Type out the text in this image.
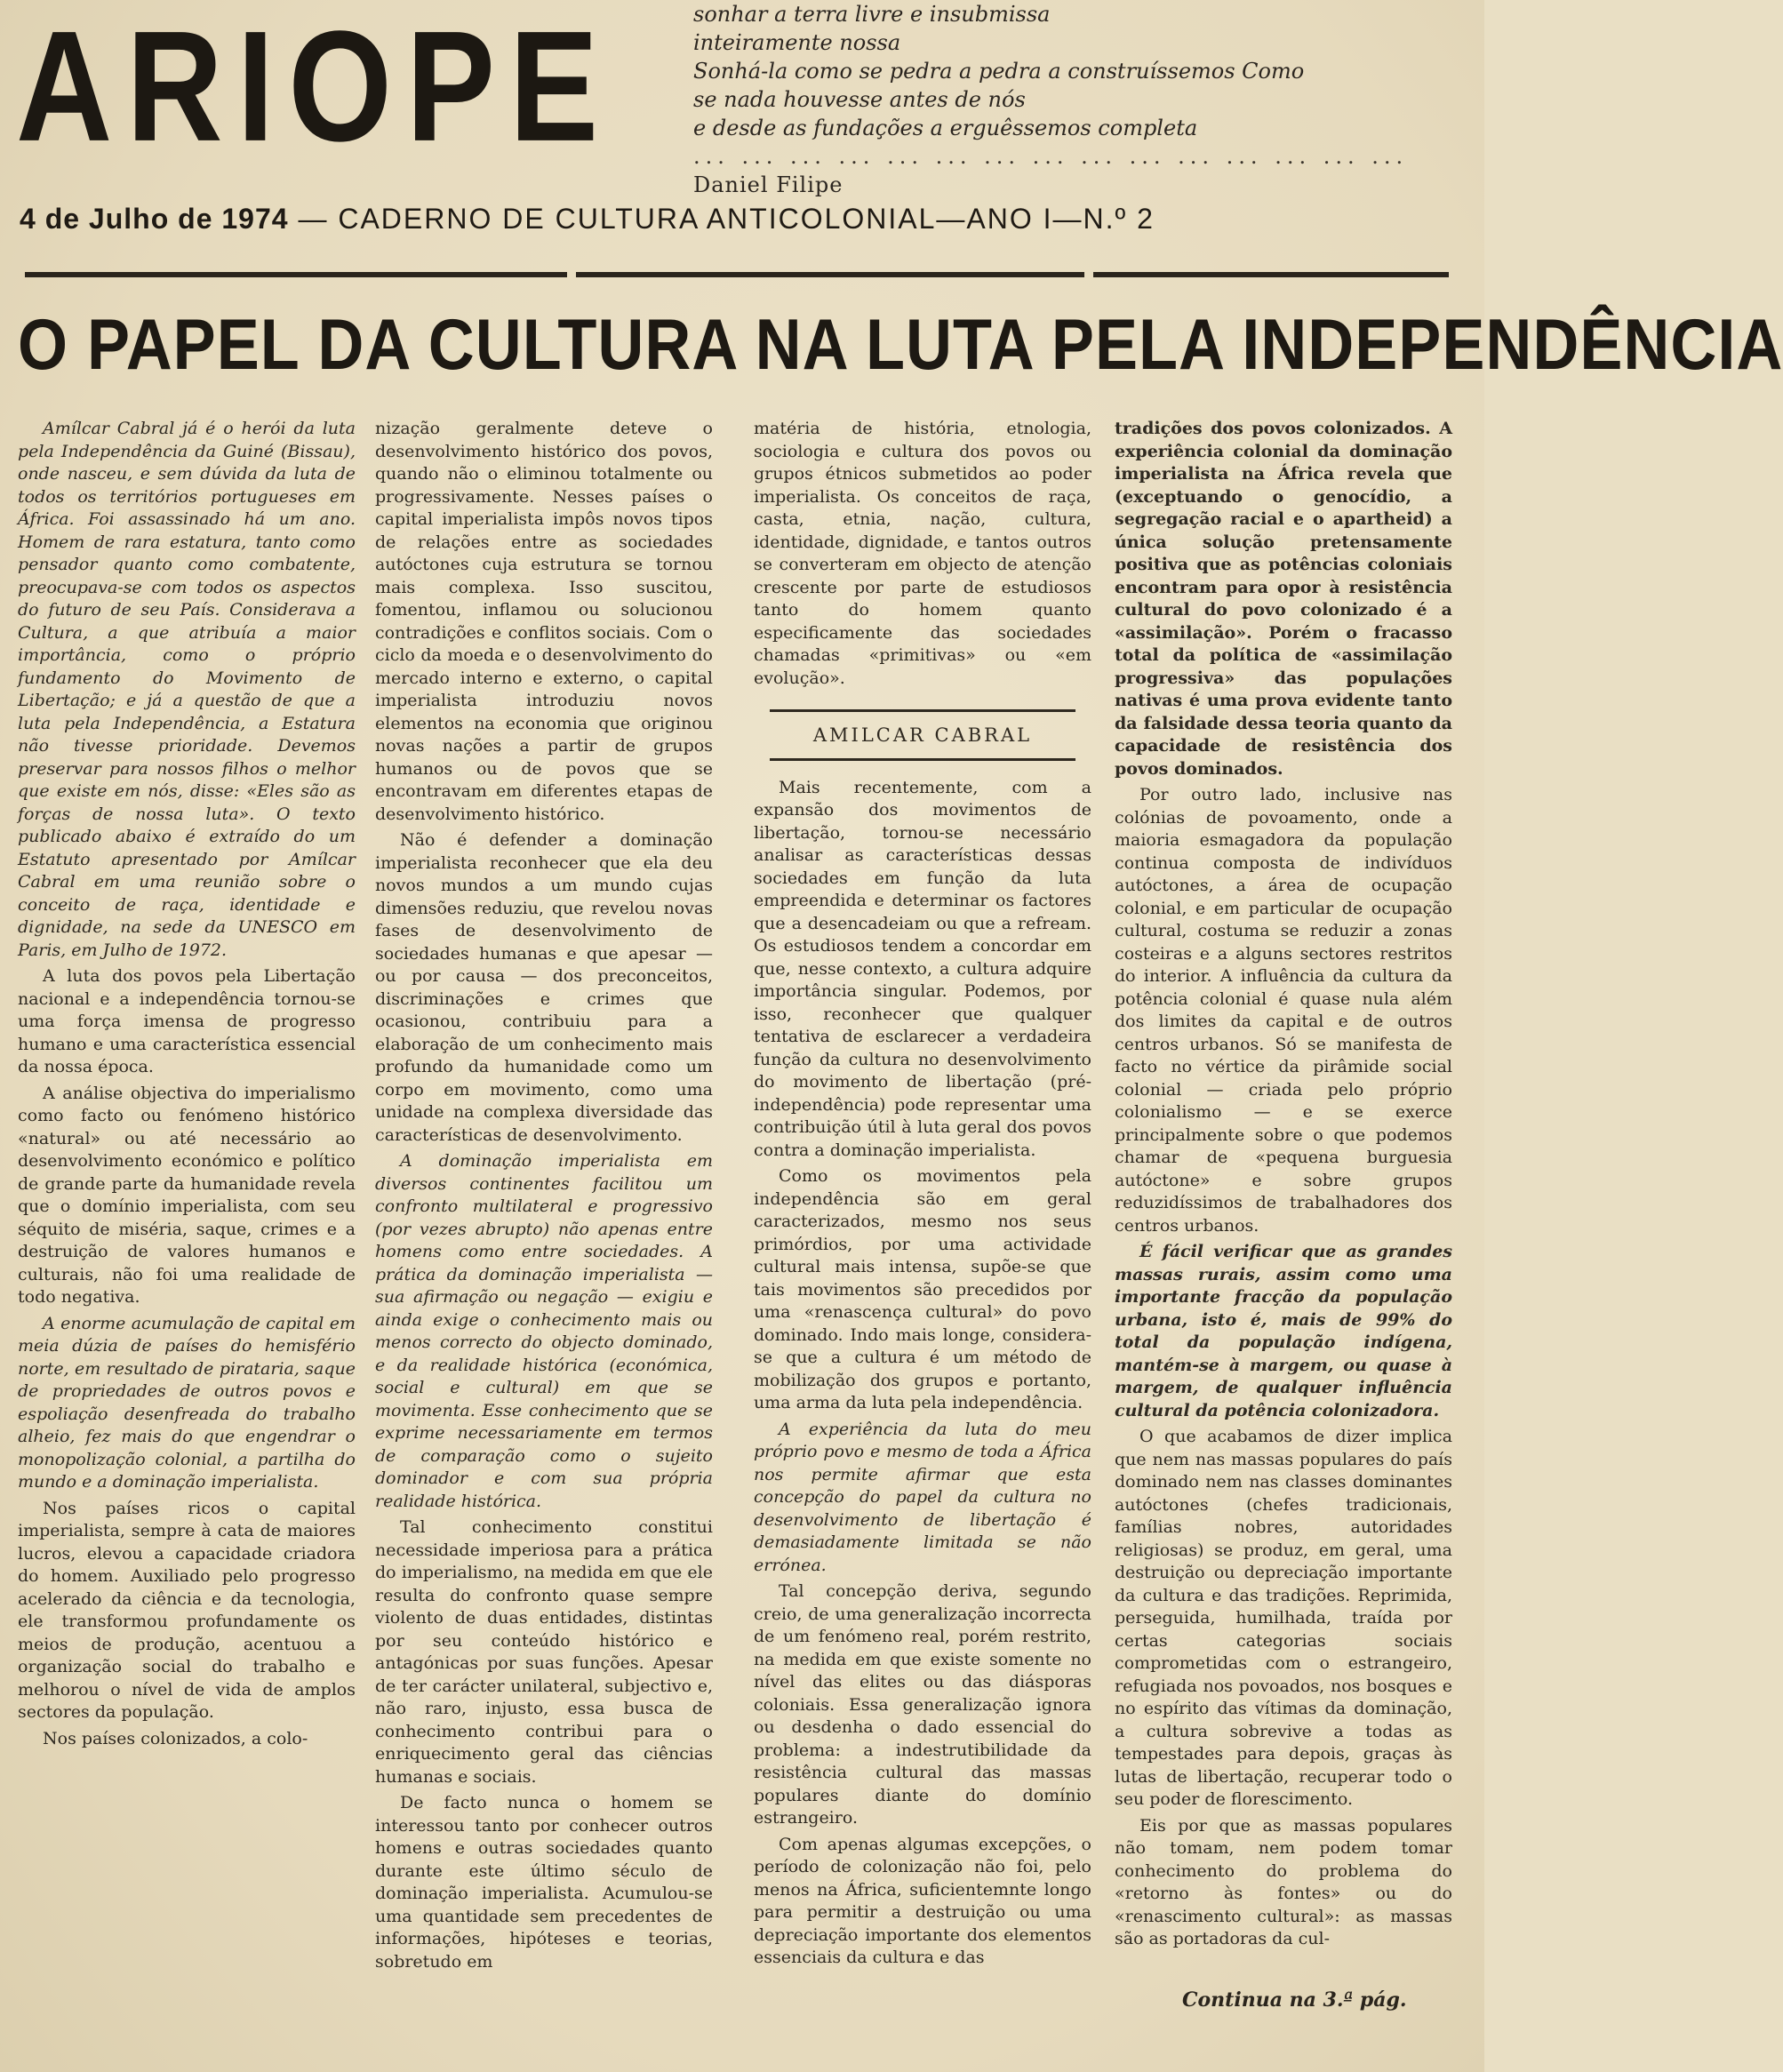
ARIOPE	sonhar a terra livre e insubmissa
inteiramente nossa
Sonhá-la como se pedra a pedra a construíssemos Como
se nada houvesse antes de nós
e desde as fundações a erguêssemos completa
... ... ... ... ... ... ... ... ... ... ... ... ... ... ...
Daniel Filipe
4 de Julho de 1974 — CADERNO DE CULTURA ANTICOLONIAL—ANO I—N.º 2
O PAPEL DA CULTURA NA LUTA PELA INDEPENDÊNCIA

Amílcar Cabral já é o herói da luta pela Independência da Guiné (Bissau), onde nasceu, e sem dúvida da luta de todos os territórios portugueses em África. Foi assassinado há um ano. Homem de rara estatura, tanto como pensador quanto como combatente, preocupava-se com todos os aspectos do futuro de seu País. Considerava a Cultura, a que atribuía a maior importância, como o próprio fundamento do Movimento de Libertação; e já a questão de que a luta pela Independência, a Estatura não tivesse prioridade. Devemos preservar para nossos filhos o melhor que existe em nós, disse: «Eles são as forças de nossa luta». O texto publicado abaixo é extraído do um Estatuto apresentado por Amílcar Cabral em uma reunião sobre o conceito de raça, identidade e dignidade, na sede da UNESCO em Paris, em Julho de 1972.

A luta dos povos pela Libertação nacional e a independência tornou-se uma força imensa de progresso humano e uma característica essencial da nossa época.

A análise objectiva do imperialismo como facto ou fenómeno histórico «natural» ou até necessário ao desenvolvimento económico e político de grande parte da humanidade revela que o domínio imperialista, com seu séquito de miséria, saque, crimes e a destruição de valores humanos e culturais, não foi uma realidade de todo negativa.

A enorme acumulação de capital em meia dúzia de países do hemisfério norte, em resultado de pirataria, saque de propriedades de outros povos e espoliação desenfreada do trabalho alheio, fez mais do que engendrar o monopolização colonial, a partilha do mundo e a dominação imperialista.

Nos países ricos o capital imperialista, sempre à cata de maiores lucros, elevou a capacidade criadora do homem. Auxiliado pelo progresso acelerado da ciência e da tecnologia, ele transformou profundamente os meios de produção, acentuou a organização social do trabalho e melhorou o nível de vida de amplos sectores da população.

Nos países colonizados, a colo-

nização geralmente deteve o desenvolvimento histórico dos povos, quando não o eliminou totalmente ou progressivamente. Nesses países o capital imperialista impôs novos tipos de relações entre as sociedades autóctones cuja estrutura se tornou mais complexa. Isso suscitou, fomentou, inflamou ou solucionou contradições e conflitos sociais. Com o ciclo da moeda e o desenvolvimento do mercado interno e externo, o capital imperialista introduziu novos elementos na economia que originou novas nações a partir de grupos humanos ou de povos que se encontravam em diferentes etapas de desenvolvimento histórico.

Não é defender a dominação imperialista reconhecer que ela deu novos mundos a um mundo cujas dimensões reduziu, que revelou novas fases de desenvolvimento de sociedades humanas e que apesar — ou por causa — dos preconceitos, discriminações e crimes que ocasionou, contribuiu para a elaboração de um conhecimento mais profundo da humanidade como um corpo em movimento, como uma unidade na complexa diversidade das características de desenvolvimento.

A dominação imperialista em diversos continentes facilitou um confronto multilateral e progressivo (por vezes abrupto) não apenas entre homens como entre sociedades. A prática da dominação imperialista — sua afirmação ou negação — exigiu e ainda exige o conhecimento mais ou menos correcto do objecto dominado, e da realidade histórica (económica, social e cultural) em que se movimenta. Esse conhecimento que se exprime necessariamente em termos de comparação como o sujeito dominador e com sua própria realidade histórica.

Tal conhecimento constitui necessidade imperiosa para a prática do imperialismo, na medida em que ele resulta do confronto quase sempre violento de duas entidades, distintas por seu conteúdo histórico e antagónicas por suas funções. Apesar de ter carácter unilateral, subjectivo e, não raro, injusto, essa busca de conhecimento contribui para o enriquecimento geral das ciências humanas e sociais.

De facto nunca o homem se interessou tanto por conhecer outros homens e outras sociedades quanto durante este último século de dominação imperialista. Acumulou-se uma quantidade sem precedentes de informações, hipóteses e teorias, sobretudo em

matéria de história, etnologia, sociologia e cultura dos povos ou grupos étnicos submetidos ao poder imperialista. Os conceitos de raça, casta, etnia, nação, cultura, identidade, dignidade, e tantos outros se converteram em objecto de atenção crescente por parte de estudiosos tanto do homem quanto especificamente das sociedades chamadas «primitivas» ou «em evolução».

AMILCAR CABRAL

Mais recentemente, com a expansão dos movimentos de libertação, tornou-se necessário analisar as características dessas sociedades em função da luta empreendida e determinar os factores que a desencadeiam ou que a refream. Os estudiosos tendem a concordar em que, nesse contexto, a cultura adquire importância singular. Podemos, por isso, reconhecer que qualquer tentativa de esclarecer a verdadeira função da cultura no desenvolvimento do movimento de libertação (pré-independência) pode representar uma contribuição útil à luta geral dos povos contra a dominação imperialista.

Como os movimentos pela independência são em geral caracterizados, mesmo nos seus primórdios, por uma actividade cultural mais intensa, supõe-se que tais movimentos são precedidos por uma «renascença cultural» do povo dominado. Indo mais longe, considera-se que a cultura é um método de mobilização dos grupos e portanto, uma arma da luta pela independência.

A experiência da luta do meu próprio povo e mesmo de toda a África nos permite afirmar que esta concepção do papel da cultura no desenvolvimento de libertação é demasiadamente limitada se não errónea.

Tal concepção deriva, segundo creio, de uma generalização incorrecta de um fenómeno real, porém restrito, na medida em que existe somente no nível das elites ou das diásporas coloniais. Essa generalização ignora ou desdenha o dado essencial do problema: a indestrutibilidade da resistência cultural das massas populares diante do domínio estrangeiro.

Com apenas algumas excepções, o período de colonização não foi, pelo menos na África, suficientemnte longo para permitir a destruição ou uma depreciação importante dos elementos essenciais da cultura e das

tradições dos povos colonizados. A experiência colonial da dominação imperialista na África revela que (exceptuando o genocídio, a segregação racial e o apartheid) a única solução pretensamente positiva que as potências coloniais encontram para opor à resistência cultural do povo colonizado é a «assimilação». Porém o fracasso total da política de «assimilação progressiva» das populações nativas é uma prova evidente tanto da falsidade dessa teoria quanto da capacidade de resistência dos povos dominados.

Por outro lado, inclusive nas colónias de povoamento, onde a maioria esmagadora da população continua composta de indivíduos autóctones, a área de ocupação colonial, e em particular de ocupação cultural, costuma se reduzir a zonas costeiras e a alguns sectores restritos do interior. A influência da cultura da potência colonial é quase nula além dos limites da capital e de outros centros urbanos. Só se manifesta de facto no vértice da pirâmide social colonial — criada pelo próprio colonialismo — e se exerce principalmente sobre o que podemos chamar de «pequena burguesia autóctone» e sobre grupos reduzidíssimos de trabalhadores dos centros urbanos.

É fácil verificar que as grandes massas rurais, assim como uma importante fracção da população urbana, isto é, mais de 99% do total da população indígena, mantém-se à margem, ou quase à margem, de qualquer influência cultural da potência colonizadora.

O que acabamos de dizer implica que nem nas massas populares do país dominado nem nas classes dominantes autóctones (chefes tradicionais, famílias nobres, autoridades religiosas) se produz, em geral, uma destruição ou depreciação importante da cultura e das tradições. Reprimida, perseguida, humilhada, traída por certas categorias sociais comprometidas com o estrangeiro, refugiada nos povoados, nos bosques e no espírito das vítimas da dominação, a cultura sobrevive a todas as tempestades para depois, graças às lutas de libertação, recuperar todo o seu poder de florescimento.

Eis por que as massas populares não tomam, nem podem tomar conhecimento do problema do «retorno às fontes» ou do «renascimento cultural»: as massas são as portadoras da cul-

Continua na 3.ª pág.
